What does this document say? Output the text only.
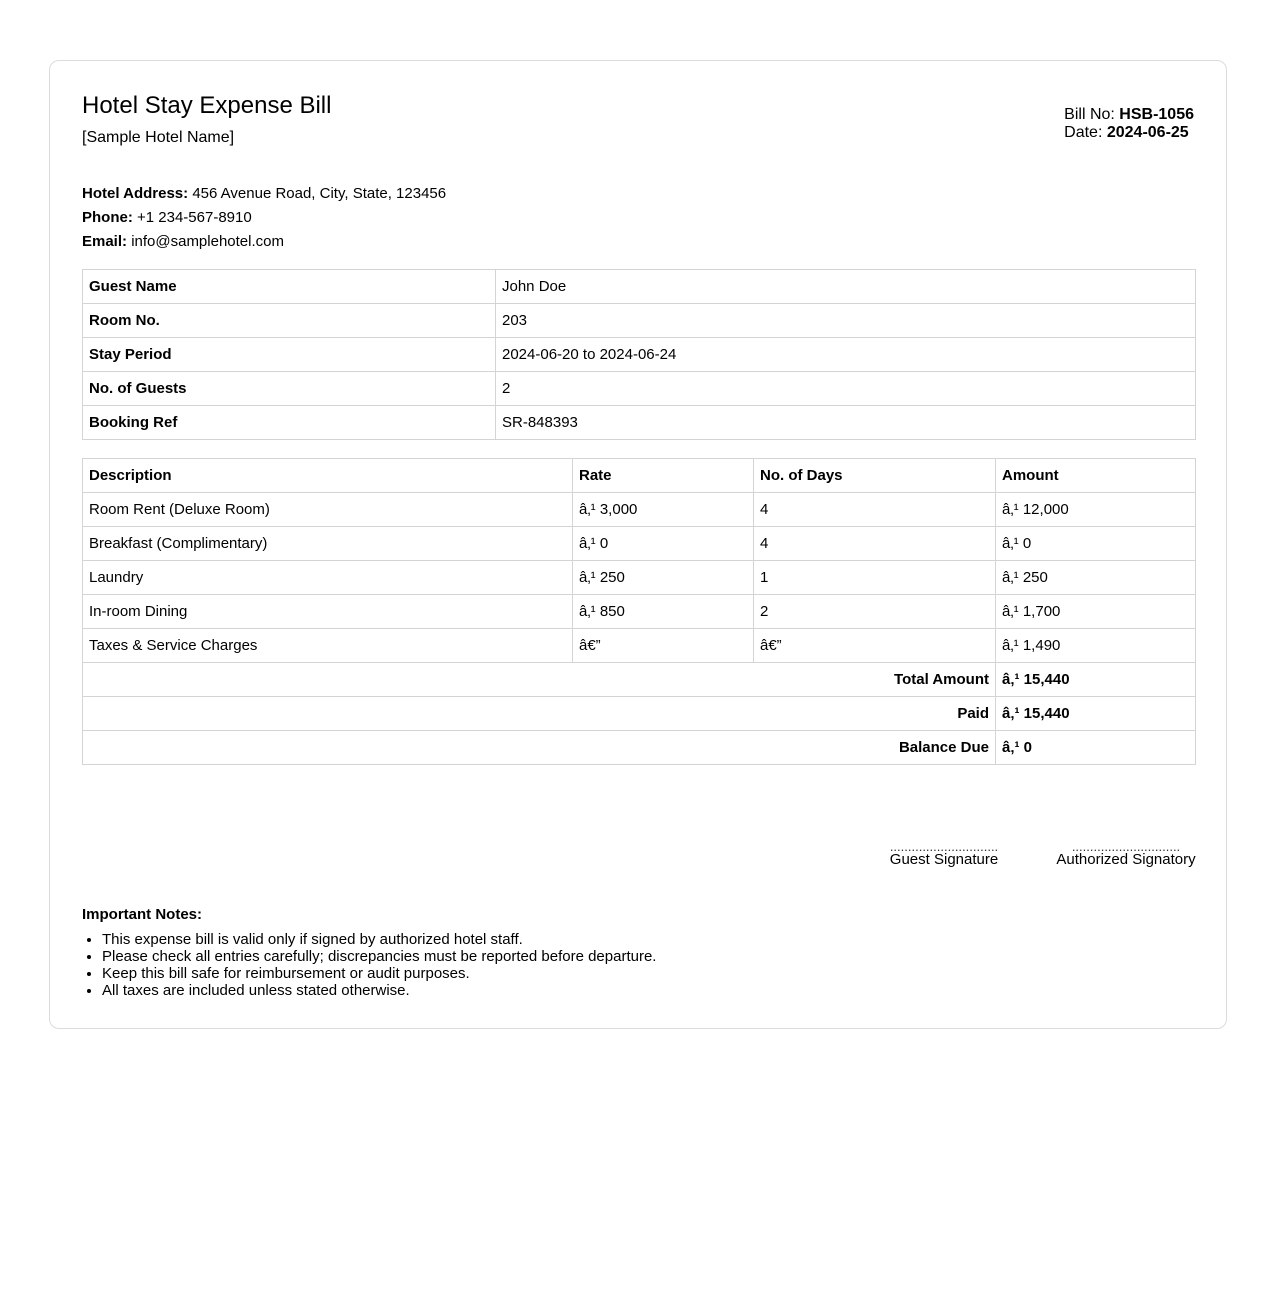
Hotel Stay Expense Bill
[Sample Hotel Name]
Bill No: HSB-1056
Date: 2024-06-25
Hotel Address: 456 Avenue Road, City, State, 123456
Phone: +1 234-567-8910
Email: info@samplehotel.com
Guest Name	John Doe
Room No.	203
Stay Period	2024-06-20 to 2024-06-24
No. of Guests	2
Booking Ref	SR-848393
Description	Rate	No. of Days	Amount
Room Rent (Deluxe Room)	â‚¹ 3,000	4	â‚¹ 12,000
Breakfast (Complimentary)	â‚¹ 0	4	â‚¹ 0
Laundry	â‚¹ 250	1	â‚¹ 250
In-room Dining	â‚¹ 850	2	â‚¹ 1,700
Taxes & Service Charges	â€”	â€”	â‚¹ 1,490
Total Amount			â‚¹ 15,440
Paid			â‚¹ 15,440
Balance Due			â‚¹ 0
..............................
Guest Signature
..............................
Authorized Signatory
Important Notes:
• This expense bill is valid only if signed by authorized hotel staff.
• Please check all entries carefully; discrepancies must be reported before departure.
• Keep this bill safe for reimbursement or audit purposes.
• All taxes are included unless stated otherwise.
